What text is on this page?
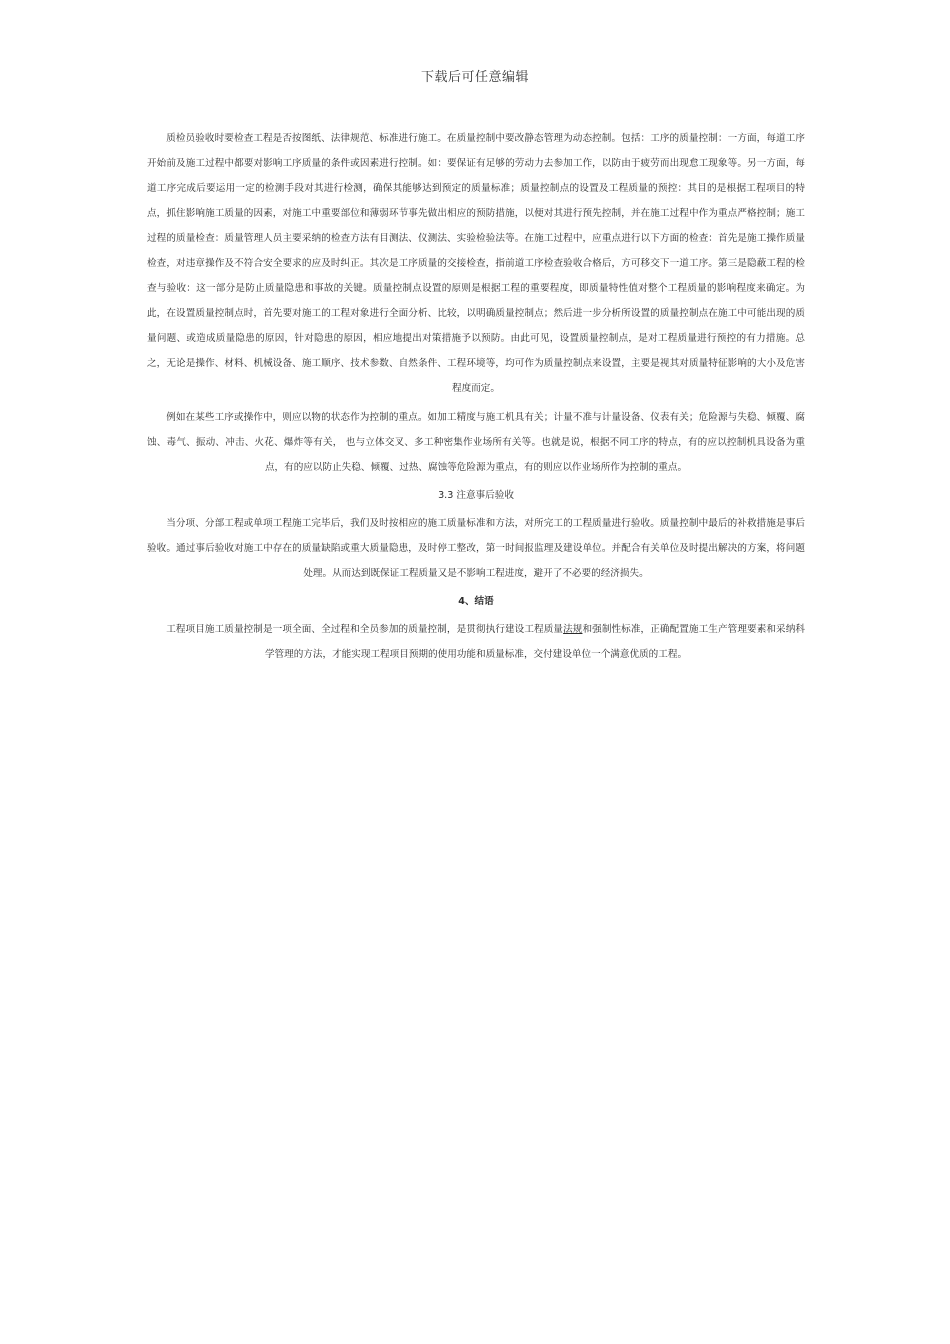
下载后可任意编辑

质检员验收时要检查工程是否按图纸、法律规范、标准进行施工。在质量控制中要改静态管理为动态控制。包括：工序的质量控制：一方面，每道工序开始前及施工过程中都要对影响工序质量的条件或因素进行控制。如：要保证有足够的劳动力去参加工作，以防由于疲劳而出现怠工现象等。另一方面，每道工序完成后要运用一定的检测手段对其进行检测，确保其能够达到预定的质量标准；质量控制点的设置及工程质量的预控：其目的是根据工程项目的特点，抓住影响施工质量的因素，对施工中重要部位和薄弱环节事先做出相应的预防措施，以便对其进行预先控制，并在施工过程中作为重点严格控制；施工过程的质量检查：质量管理人员主要采纳的检查方法有目测法、仪测法、实验检验法等。在施工过程中，应重点进行以下方面的检查：首先是施工操作质量检查，对违章操作及不符合安全要求的应及时纠正。其次是工序质量的交接检查，指前道工序检查验收合格后，方可移交下一道工序。第三是隐蔽工程的检查与验收：这一部分是防止质量隐患和事故的关键。质量控制点设置的原则是根据工程的重要程度，即质量特性值对整个工程质量的影响程度来确定。为此，在设置质量控制点时，首先要对施工的工程对象进行全面分析、比较，以明确质量控制点；然后进一步分析所设置的质量控制点在施工中可能出现的质量问题、或造成质量隐患的原因，针对隐患的原因，相应地提出对策措施予以预防。由此可见，设置质量控制点，是对工程质量进行预控的有力措施。总之，无论是操作、材料、机械设备、施工顺序、技术参数、自然条件、工程环境等，均可作为质量控制点来设置，主要是视其对质量特征影响的大小及危害程度而定。

例如在某些工序或操作中，则应以物的状态作为控制的重点。如加工精度与施工机具有关；计量不准与计量设备、仪表有关；危险源与失稳、倾覆、腐蚀、毒气、振动、冲击、火花、爆炸等有关， 也与立体交叉、多工种密集作业场所有关等。也就是说，根据不同工序的特点，有的应以控制机具设备为重点，有的应以防止失稳、倾覆、过热、腐蚀等危险源为重点，有的则应以作业场所作为控制的重点。

3.3 注意事后验收

当分项、分部工程或单项工程施工完毕后，我们及时按相应的施工质量标准和方法，对所完工的工程质量进行验收。质量控制中最后的补救措施是事后验收。通过事后验收对施工中存在的质量缺陷或重大质量隐患，及时停工整改，第一时间报监理及建设单位。并配合有关单位及时提出解决的方案，将问题处理。从而达到既保证工程质量又是不影响工程进度，避开了不必要的经济损失。

4、结语

工程项目施工质量控制是一项全面、全过程和全员参加的质量控制，是贯彻执行建设工程质量法规和强制性标准，正确配置施工生产管理要素和采纳科学管理的方法，才能实现工程项目预期的使用功能和质量标准，交付建设单位一个满意优质的工程。
